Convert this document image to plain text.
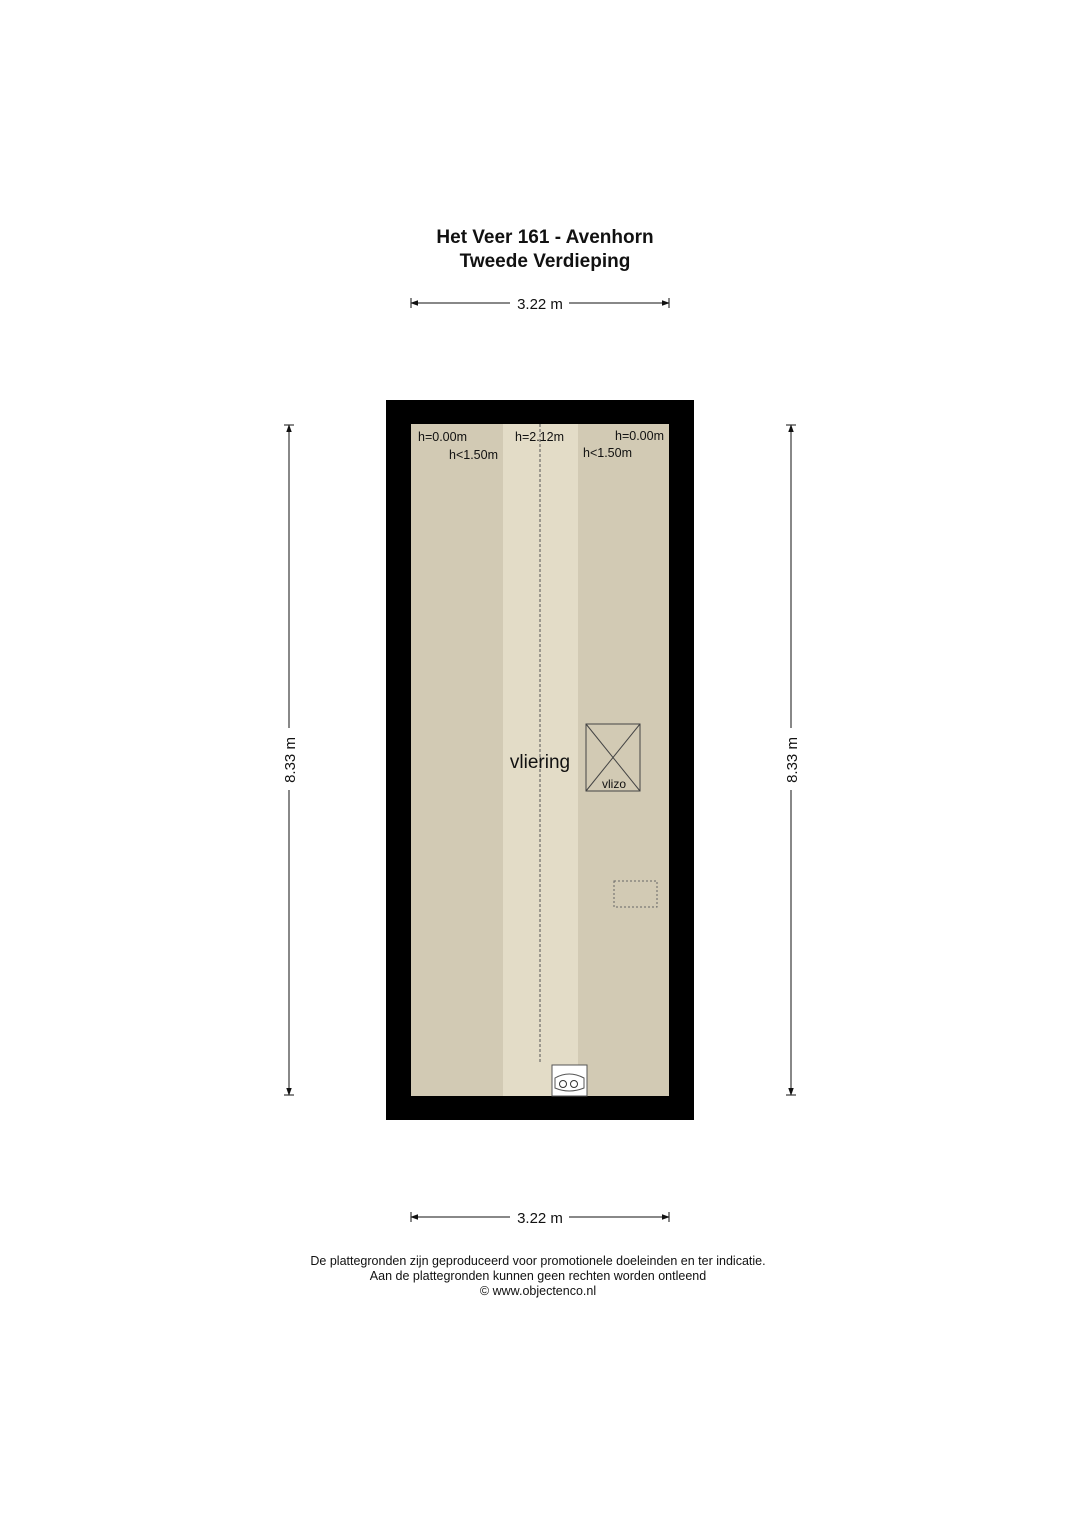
Het Veer 161 - Avenhorn
Tweede Verdieping
3.22 m
3.22 m
8.33 m	8.33 m
h=0.00m
h<1.50m
h=2.12m	h=0.00m
h<1.50m
vliering
vlizo
De plattegronden zijn geproduceerd voor promotionele doeleinden en ter indicatie.
Aan de plattegronden kunnen geen rechten worden ontleend
© www.objectenco.nl
